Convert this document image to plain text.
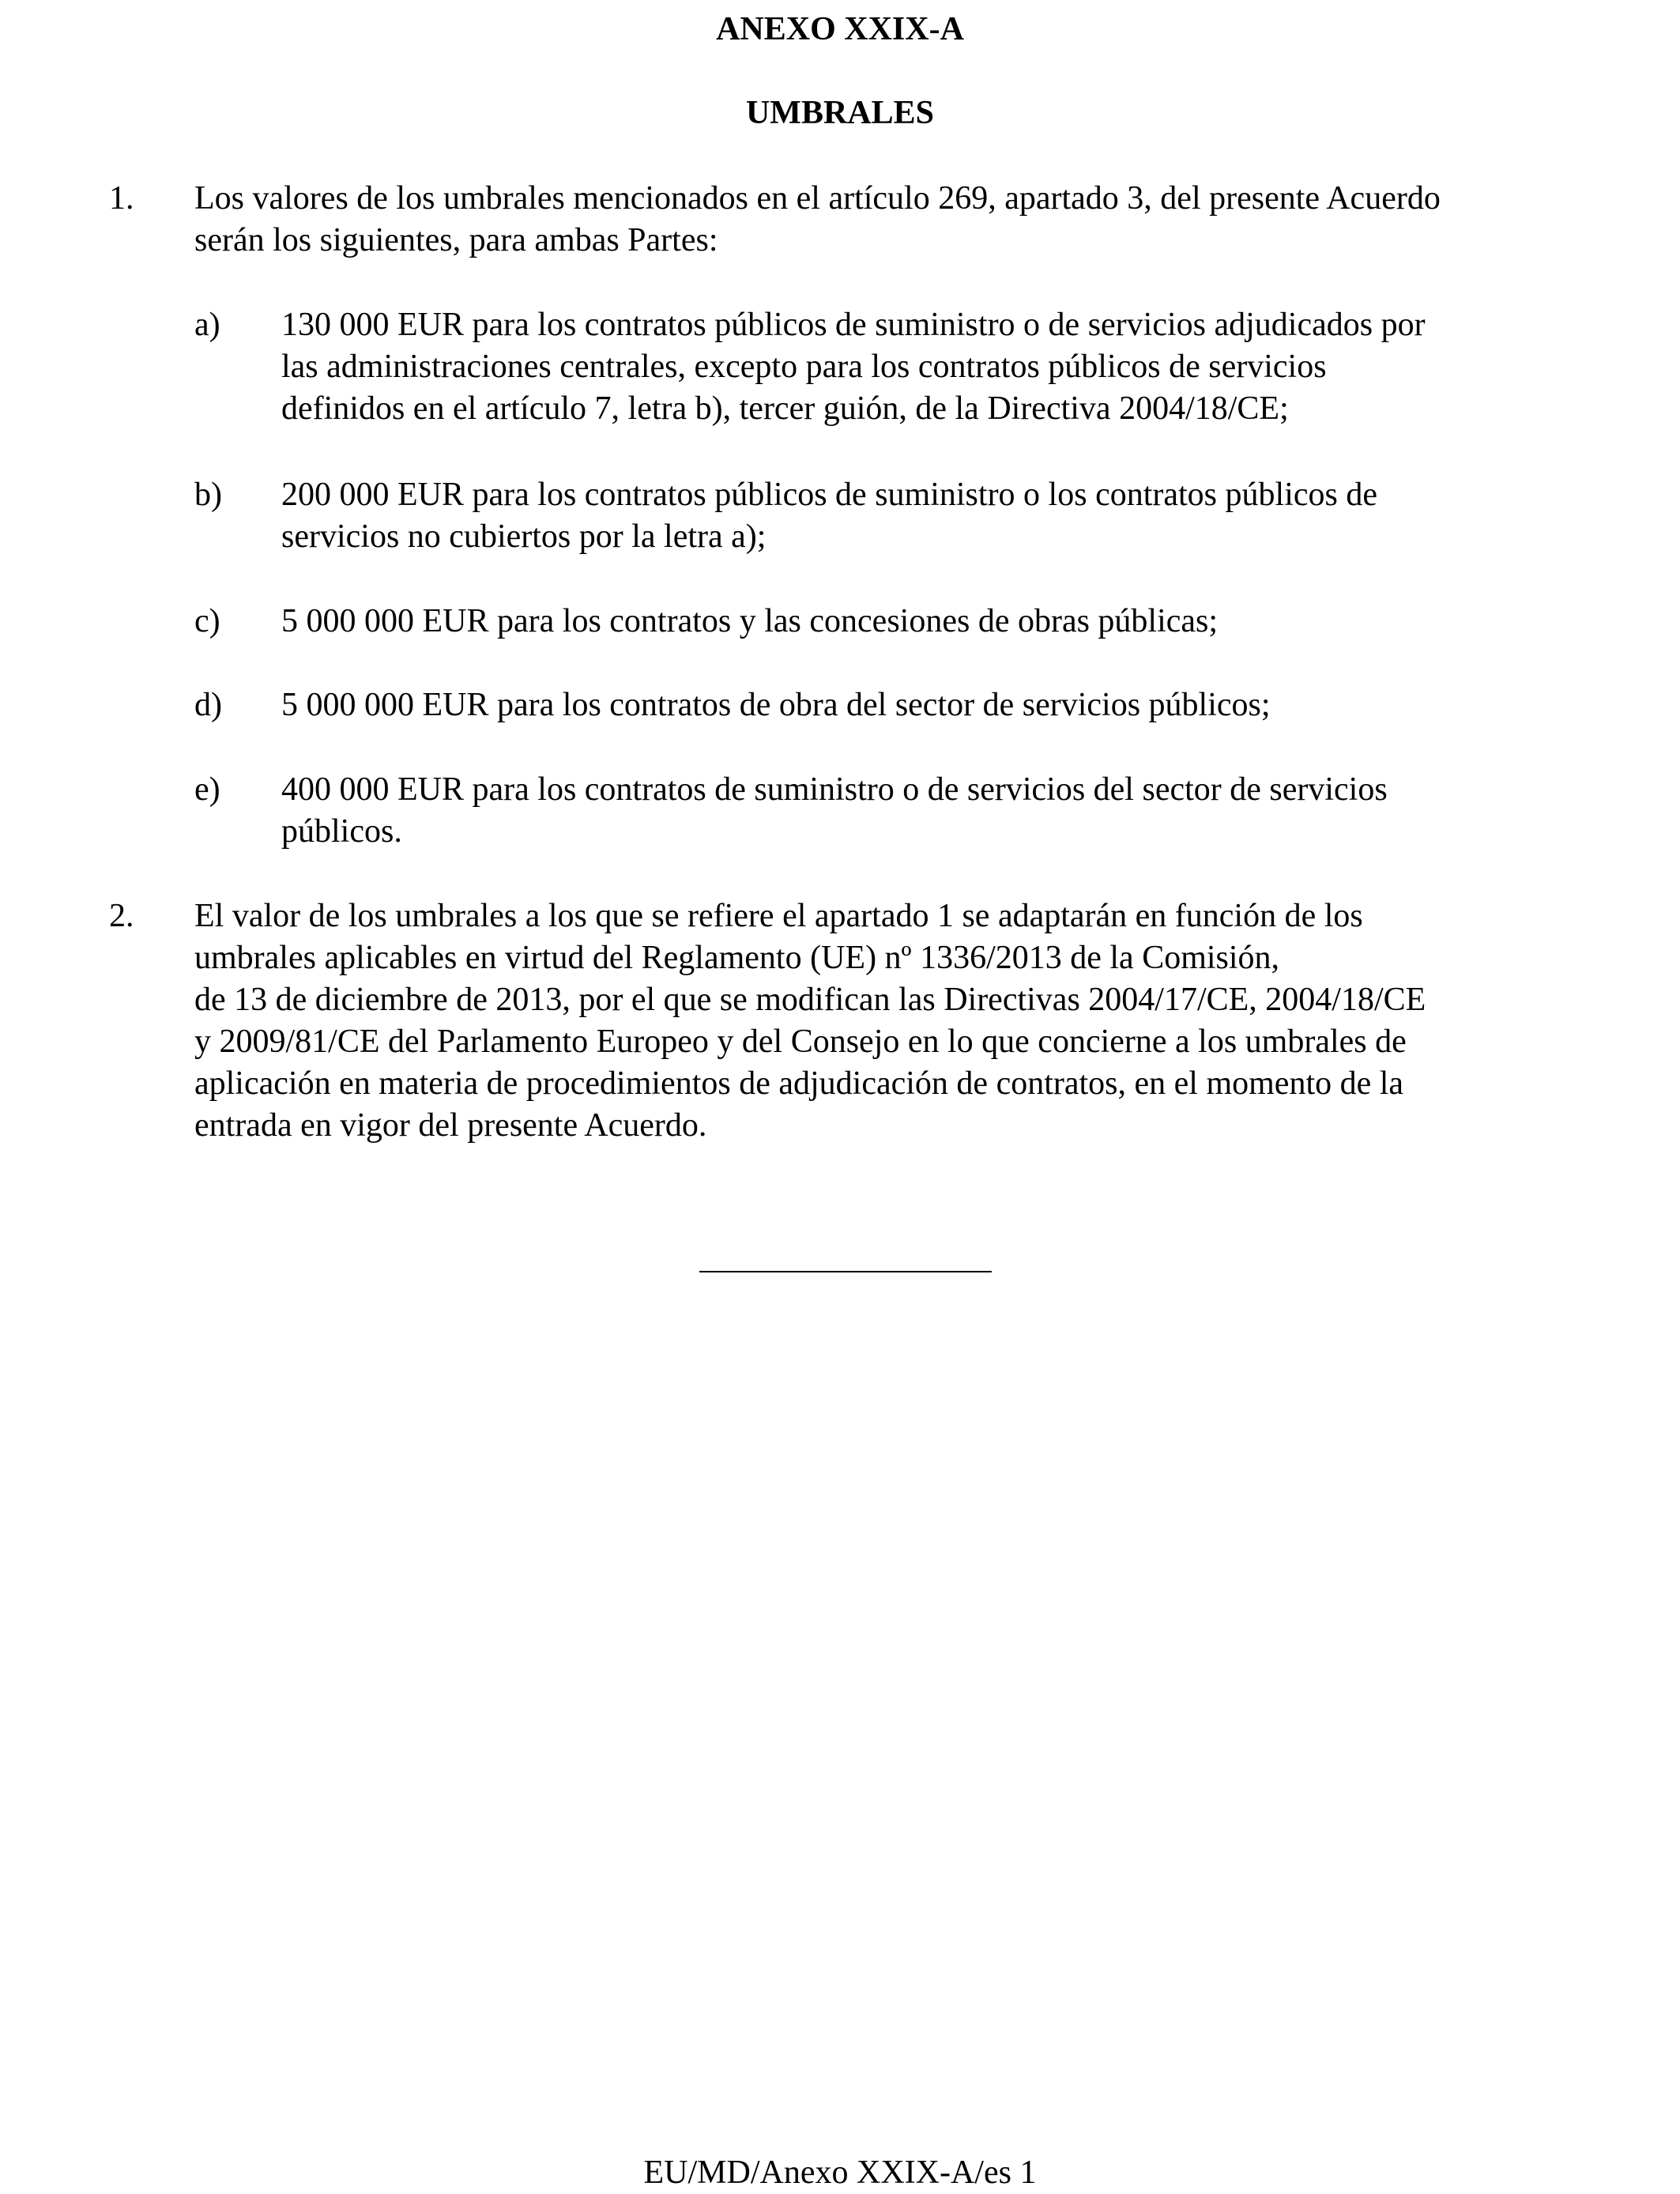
ANEXO XXIX-A
UMBRALES
1. Los valores de los umbrales mencionados en el artículo 269, apartado 3, del presente Acuerdo
serán los siguientes, para ambas Partes:
a) 130 000 EUR para los contratos públicos de suministro o de servicios adjudicados por
las administraciones centrales, excepto para los contratos públicos de servicios
definidos en el artículo 7, letra b), tercer guión, de la Directiva 2004/18/CE;
b) 200 000 EUR para los contratos públicos de suministro o los contratos públicos de
servicios no cubiertos por la letra a);
c) 5 000 000 EUR para los contratos y las concesiones de obras públicas;
d) 5 000 000 EUR para los contratos de obra del sector de servicios públicos;
e) 400 000 EUR para los contratos de suministro o de servicios del sector de servicios
públicos.
2. El valor de los umbrales a los que se refiere el apartado 1 se adaptarán en función de los
umbrales aplicables en virtud del Reglamento (UE) nº 1336/2013 de la Comisión,
de 13 de diciembre de 2013, por el que se modifican las Directivas 2004/17/CE, 2004/18/CE
y 2009/81/CE del Parlamento Europeo y del Consejo en lo que concierne a los umbrales de
aplicación en materia de procedimientos de adjudicación de contratos, en el momento de la
entrada en vigor del presente Acuerdo.
EU/MD/Anexo XXIX-A/es 1
